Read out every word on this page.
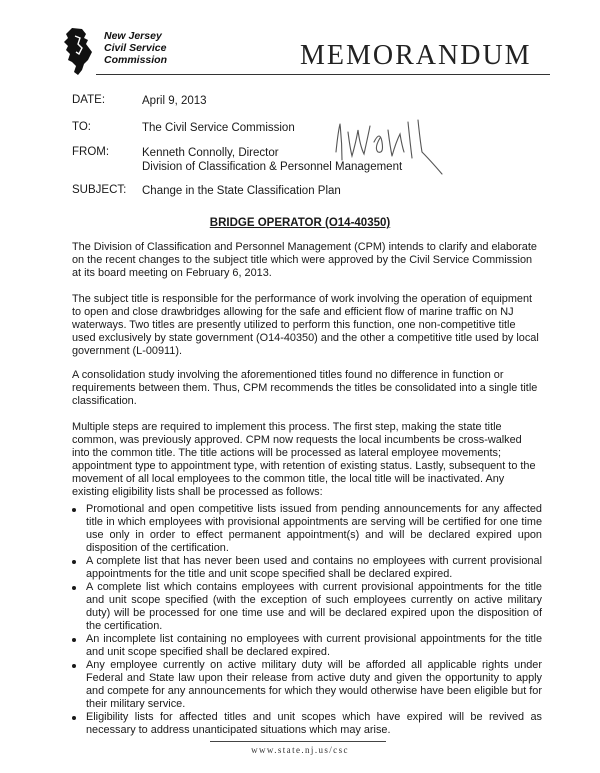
New Jersey
Civil Service
Commission	MEMORANDUM
DATE:	April 9, 2013
TO:	The Civil Service Commission
FROM:	Kenneth Connolly, Director
Division of Classification & Personnel Management
SUBJECT:	Change in the State Classification Plan
BRIDGE OPERATOR (O14-40350)

The Division of Classification and Personnel Management (CPM) intends to clarify and elaborate on the recent changes to the subject title which were approved by the Civil Service Commission at its board meeting on February 6, 2013.

The subject title is responsible for the performance of work involving the operation of equipment to open and close drawbridges allowing for the safe and efficient flow of marine traffic on NJ waterways. Two titles are presently utilized to perform this function, one non-competitive title used exclusively by state government (O14-40350) and the other a competitive title used by local government (L-00911).

A consolidation study involving the aforementioned titles found no difference in function or requirements between them. Thus, CPM recommends the titles be consolidated into a single title classification.

Multiple steps are required to implement this process. The first step, making the state title common, was previously approved. CPM now requests the local incumbents be cross-walked into the common title. The title actions will be processed as lateral employee movements; appointment type to appointment type, with retention of existing status. Lastly, subsequent to the movement of all local employees to the common title, the local title will be inactivated. Any existing eligibility lists shall be processed as follows:

Promotional and open competitive lists issued from pending announcements for any affected title in which employees with provisional appointments are serving will be certified for one time use only in order to effect permanent appointment(s) and will be declared expired upon disposition of the certification.
A complete list that has never been used and contains no employees with current provisional appointments for the title and unit scope specified shall be declared expired.
A complete list which contains employees with current provisional appointments for the title and unit scope specified (with the exception of such employees currently on active military duty) will be processed for one time use and will be declared expired upon the disposition of the certification.
An incomplete list containing no employees with current provisional appointments for the title and unit scope specified shall be declared expired.
Any employee currently on active military duty will be afforded all applicable rights under Federal and State law upon their release from active duty and given the opportunity to apply and compete for any announcements for which they would otherwise have been eligible but for their military service.
Eligibility lists for affected titles and unit scopes which have expired will be revived as necessary to address unanticipated situations which may arise.
www.state.nj.us/csc
